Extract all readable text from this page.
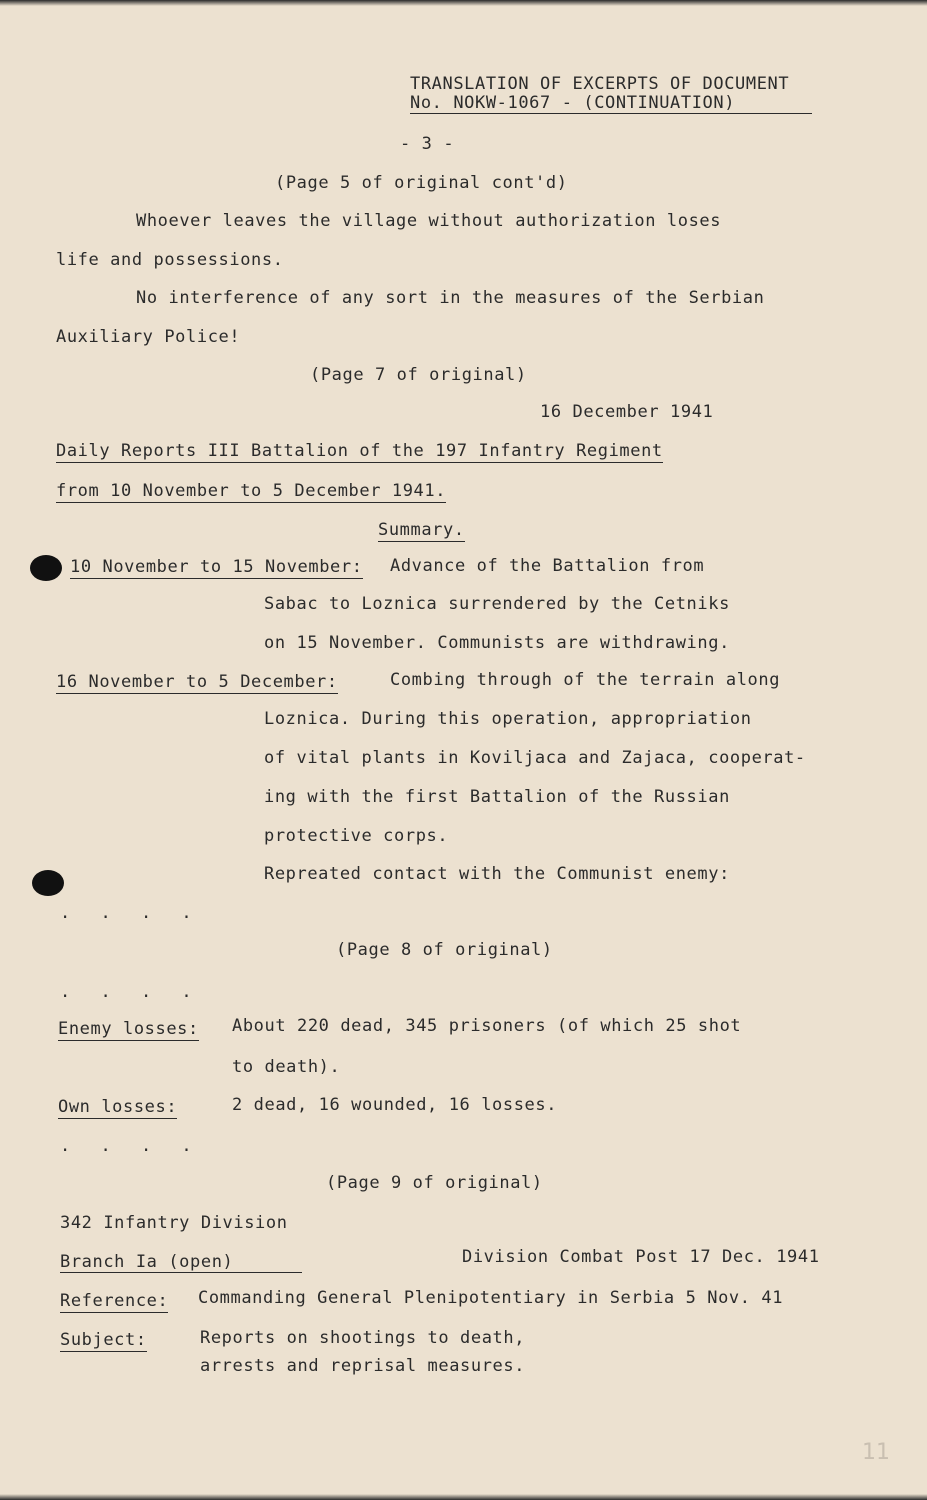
TRANSLATION OF EXCERPTS OF DOCUMENT
No. NOKW-1067 - (CONTINUATION)
- 3 -
(Page 5 of original cont'd)
Whoever leaves the village without authorization loses
life and possessions.
No interference of any sort in the measures of the Serbian
Auxiliary Police!
(Page 7 of original)
16 December 1941
Daily Reports III Battalion of the 197 Infantry Regiment
from 10 November to 5 December 1941.
Summary.
10 November to 15 November: Advance of the Battalion from
Sabac to Loznica surrendered by the Cetniks
on 15 November. Communists are withdrawing.
16 November to 5 December:	Combing through of the terrain along
Loznica. During this operation, appropriation
of vital plants in Koviljaca and Zajaca, cooperat-
ing with the first Battalion of the Russian
protective corps.
Repreated contact with the Communist enemy:
. . . .
(Page 8 of original)
. . . .
Enemy losses: About 220 dead, 345 prisoners (of which 25 shot
to death).
Own losses:	2 dead, 16 wounded, 16 losses.
. . . .
(Page 9 of original)
342 Infantry Division
Branch Ia (open)	Division Combat Post 17 Dec. 1941
Reference: Commanding General Plenipotentiary in Serbia 5 Nov. 41
Subject:	Reports on shootings to death,
arrests and reprisal measures.
11
